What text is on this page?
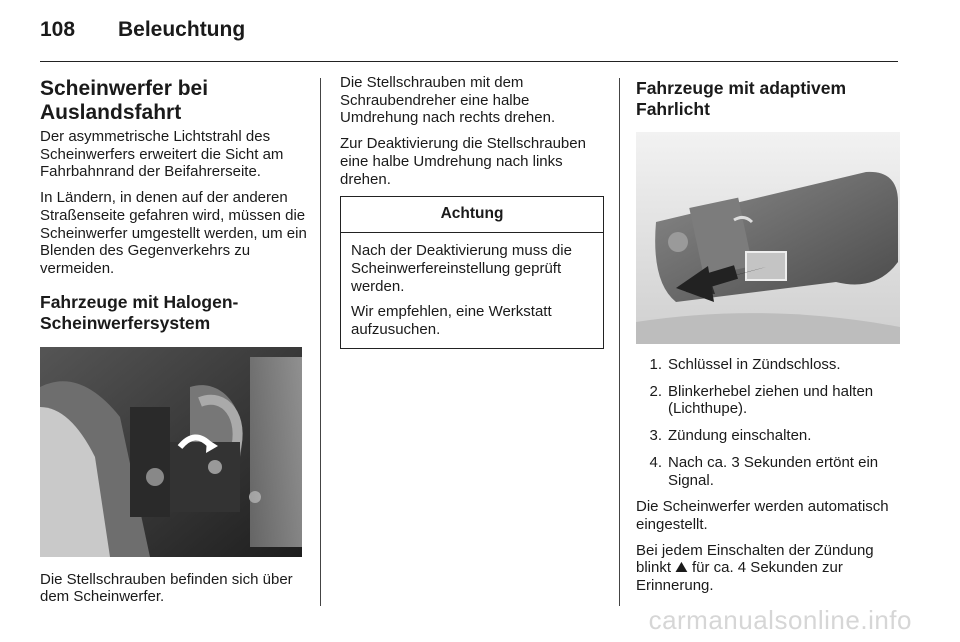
108	Beleuchtung
Scheinwerfer bei Auslandsfahrt

Der asymmetrische Lichtstrahl des Scheinwerfers erweitert die Sicht am Fahrbahnrand der Beifahrerseite.

In Ländern, in denen auf der anderen Straßenseite gefahren wird, müssen die Scheinwerfer umgestellt werden, um ein Blenden des Gegenverkehrs zu vermeiden.

Fahrzeuge mit Halogen-Scheinwerfersystem

Die Stellschrauben befinden sich über dem Scheinwerfer.

Die Stellschrauben mit dem Schraubendreher eine halbe Umdrehung nach rechts drehen.

Zur Deaktivierung die Stellschrauben eine halbe Umdrehung nach links drehen.

Achtung

Nach der Deaktivierung muss die Scheinwerfereinstellung geprüft werden.

Wir empfehlen, eine Werkstatt aufzusuchen.

Fahrzeuge mit adaptivem Fahrlicht
1. Schlüssel in Zündschloss.
2. Blinkerhebel ziehen und halten (Lichthupe).
3. Zündung einschalten.
4. Nach ca. 3 Sekunden ertönt ein Signal.

Die Scheinwerfer werden automatisch eingestellt.

Bei jedem Einschalten der Zündung blinkt ⛰ für ca. 4 Sekunden zur Erinnerung.

carmanualsonline.info
